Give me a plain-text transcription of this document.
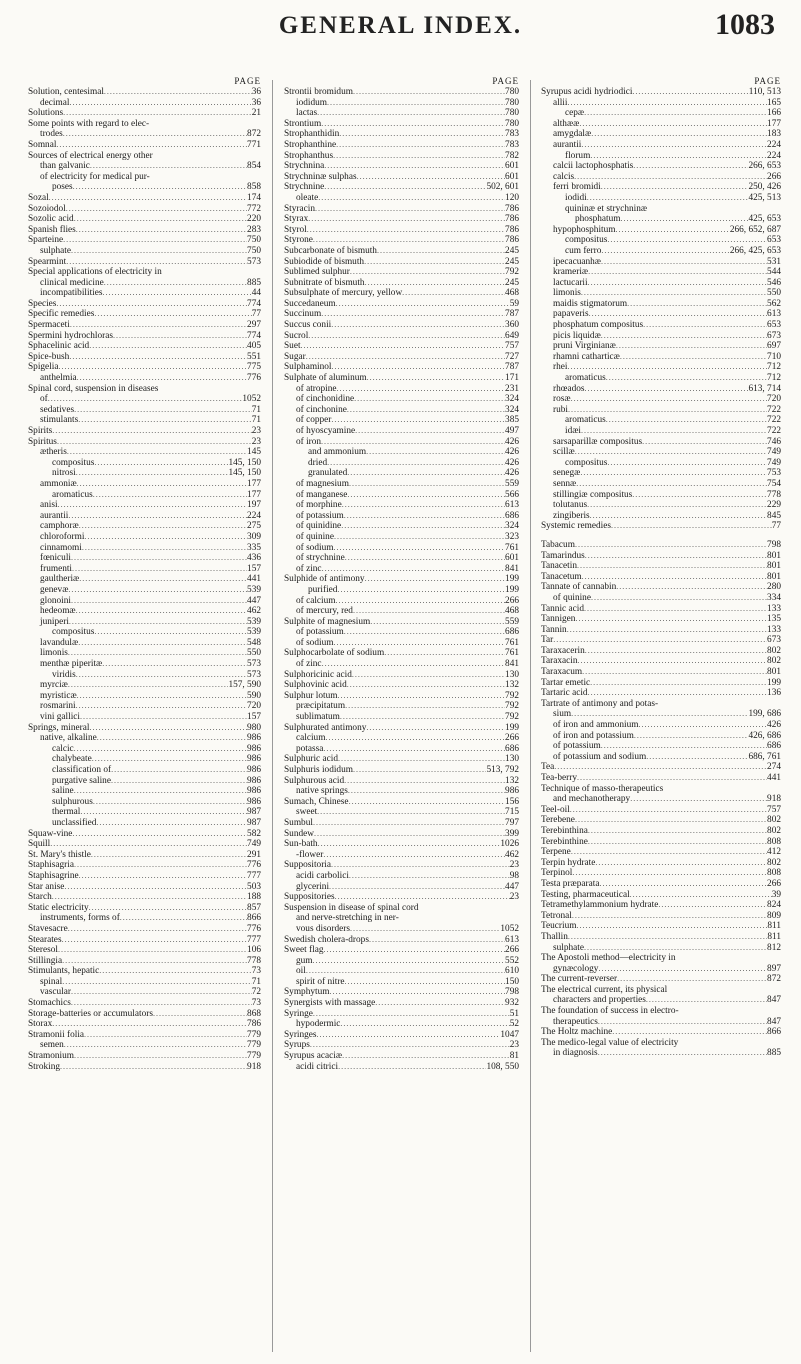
GENERAL INDEX.	1083
PAGE
Solution, centesimal .....	36
decimal .....	36
Solutions .....	21
Some points with regard to elec-
trodes .....	872
Somnal .....	771
Sources of electrical energy other
than galvanic .....	854
of electricity for medical pur-
poses .....	858
Sozal .....	174
Sozoiodol .....	772
Sozolic acid .....	220
Spanish flies .....	283
Sparteine .....	750
sulphate .....	750
Spearmint .....	573
Special applications of electricity in
clinical medicine .....	885
incompatibilities .....	44
Species .....	774
Specific remedies .....	77
Spermaceti .....	297
Spermini hydrochloras .....	774
Sphacelinic acid .....	405
Spice-bush .....	551
Spigelia .....	775
anthelmia .....	776
Spinal cord, suspension in diseases
of .....	1052
sedatives .....	71
stimulants .....	71
Spirits .....	23
Spiritus .....	23
ætheris .....	145
compositus .....	145, 150
nitrosi .....	145, 150
ammoniæ .....	177
aromaticus .....	177
anisi .....	197
aurantii .....	224
camphoræ .....	275
chloroformi .....	309
cinnamomi .....	335
fœniculi .....	436
frumenti .....	157
gaultheriæ .....	441
genevæ .....	539
glonoini .....	447
hedeomæ .....	462
juniperi .....	539
compositus .....	539
lavandulæ .....	548
limonis .....	550
menthæ piperitæ .....	573
viridis .....	573
myrciæ .....	157, 590
myristicæ .....	590
rosmarini .....	720
vini gallici .....	157
Springs, mineral .....	980
native, alkaline .....	986
calcic .....	986
chalybeate .....	986
classification of .....	986
purgative saline .....	986
saline .....	986
sulphurous .....	986
thermal .....	987
unclassified .....	987
Squaw-vine .....	582
Squill .....	749
St. Mary's thistle .....	291
Staphisagria .....	776
Staphisagrine .....	777
Star anise .....	503
Starch .....	188
Static electricity .....	857
instruments, forms of .....	866
Stavesacre .....	776
Stearates .....	777
Steresol .....	106
Stillingia .....	778
Stimulants, hepatic .....	73
spinal .....	71
vascular .....	72
Stomachics .....	73
Storage-batteries or accumulators .....	868
Storax .....	786
Stramonii folia .....	779
semen .....	779
Stramonium .....	779
Stroking .....	918
PAGE
Strontii bromidum .....	780
iodidum .....	780
lactas .....	780
Strontium .....	780
Strophanthidin .....	783
Strophanthine .....	783
Strophanthus .....	782
Strychnina .....	601
Strychninæ sulphas .....	601
Strychnine .....	502, 601
oleate .....	120
Styracin .....	786
Styrax .....	786
Styrol .....	786
Styrone .....	786
Subcarbonate of bismuth .....	245
Subiodide of bismuth .....	245
Sublimed sulphur .....	792
Subnitrate of bismuth .....	245
Subsulphate of mercury, yellow .....	468
Succedaneum .....	59
Succinum .....	787
Succus conii .....	360
Sucrol .....	649
Suet .....	757
Sugar .....	727
Sulphaminol .....	787
Sulphate of aluminum .....	171
of atropine .....	231
of cinchonidine .....	324
of cinchonine .....	324
of copper .....	385
of hyoscyamine .....	497
of iron .....	426
and ammonium .....	426
dried .....	426
granulated .....	426
of magnesium .....	559
of manganese .....	566
of morphine .....	613
of potassium .....	686
of quinidine .....	324
of quinine .....	323
of sodium .....	761
of strychnine .....	601
of zinc .....	841
Sulphide of antimony .....	199
purified .....	199
of calcium .....	266
of mercury, red .....	468
Sulphite of magnesium .....	559
of potassium .....	686
of sodium .....	761
Sulphocarbolate of sodium .....	761
of zinc .....	841
Sulphoricinic acid .....	130
Sulphovinic acid .....	132
Sulphur lotum .....	792
præcipitatum .....	792
sublimatum .....	792
Sulphurated antimony .....	199
calcium .....	266
potassa .....	686
Sulphuric acid .....	130
Sulphuris iodidum .....	513, 792
Sulphurous acid .....	132
native springs .....	986
Sumach, Chinese .....	156
sweet .....	715
Sumbul .....	797
Sundew .....	399
Sun-bath .....	1026
-flower .....	462
Suppositoria .....	23
acidi carbolici .....	98
glycerini .....	447
Suppositories .....	23
Suspension in disease of spinal cord
and nerve-stretching in ner-
vous disorders .....	1052
Swedish cholera-drops .....	613
Sweet flag .....	266
gum .....	552
oil .....	610
spirit of nitre .....	150
Symphytum .....	798
Synergists with massage .....	932
Syringe .....	51
hypodermic .....	52
Syringes .....	1047
Syrups .....	23
Syrupus acaciæ .....	81
acidi citrici .....	108, 550
PAGE
Syrupus acidi hydriodici .....	110, 513
allii .....	165
cepæ .....	166
althææ .....	177
amygdalæ .....	183
aurantii .....	224
florum .....	224
calcii lactophosphatis .....	266, 653
calcis .....	266
ferri bromidi .....	250, 426
iodidi .....	425, 513
quininæ et strychninæ
phosphatum .....	425, 653
hypophosphitum .....	266, 652, 687
compositus .....	653
cum ferro .....	266, 425, 653
ipecacuanhæ .....	531
krameriæ .....	544
lactucarii .....	546
limonis .....	550
maidis stigmatorum .....	562
papaveris .....	613
phosphatum compositus .....	653
picis liquidæ .....	673
pruni Virginianæ .....	697
rhamni catharticæ .....	710
rhei .....	712
aromaticus .....	712
rhœados .....	613, 714
rosæ .....	720
rubi .....	722
aromaticus .....	722
idæi .....	722
sarsaparillæ compositus .....	746
scillæ .....	749
compositus .....	749
senegæ .....	753
sennæ .....	754
stillingiæ compositus .....	778
tolutanus .....	229
zingiberis .....	845
Systemic remedies .....	77
Tabacum .....	798
Tamarindus .....	801
Tanacetin .....	801
Tanacetum .....	801
Tannate of cannabin .....	280
of quinine .....	334
Tannic acid .....	133
Tannigen .....	135
Tannin .....	133
Tar .....	673
Taraxacerin .....	802
Taraxacin .....	802
Taraxacum .....	801
Tartar emetic .....	199
Tartaric acid .....	136
Tartrate of antimony and potas-
sium .....	199, 686
of iron and ammonium .....	426
of iron and potassium .....	426, 686
of potassium .....	686
of potassium and sodium .....	686, 761
Tea .....	274
Tea-berry .....	441
Technique of masso-therapeutics
and mechanotherapy .....	918
Teel-oil .....	757
Terebene .....	802
Terebinthina .....	802
Terebinthine .....	808
Terpene .....	412
Terpin hydrate .....	802
Terpinol .....	808
Testa præparata .....	266
Testing, pharmaceutical .....	39
Tetramethylammonium hydrate .....	824
Tetronal .....	809
Teucrium .....	811
Thallin .....	811
sulphate .....	812
The Apostoli method—electricity in
gynæcology .....	897
The current-reverser .....	872
The electrical current, its physical
characters and properties .....	847
The foundation of success in electro-
therapeutics .....	847
The Holtz machine .....	866
The medico-legal value of electricity
in diagnosis .....	885
